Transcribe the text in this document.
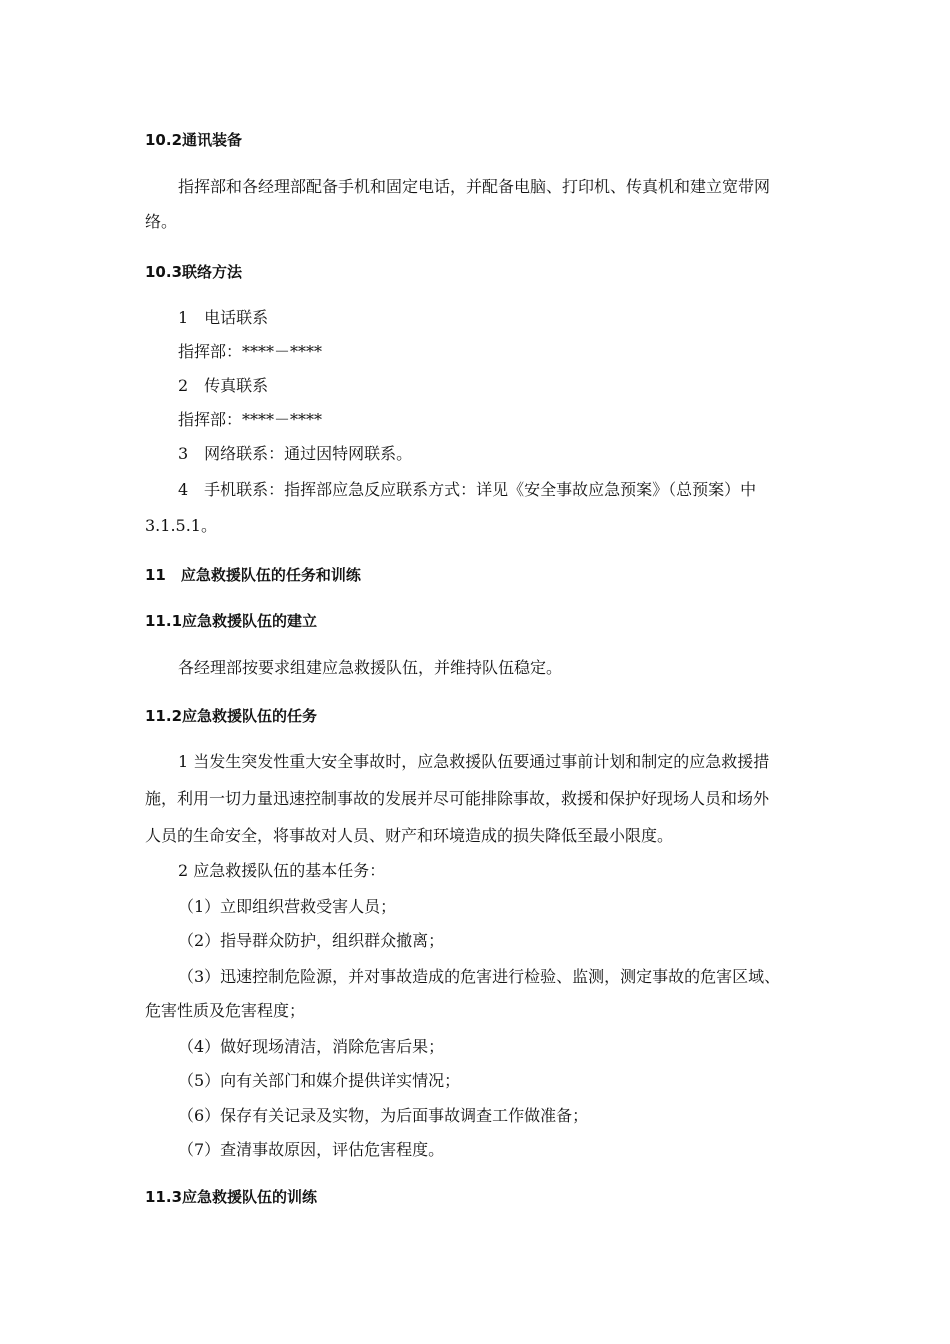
10.2通讯装备
指挥部和各经理部配备手机和固定电话，并配备电脑、打印机、传真机和建立宽带网
络。
10.3联络方法
1　电话联系
指挥部：****－****
2　传真联系
指挥部：****－****
3　网络联系：通过因特网联系。
4　手机联系：指挥部应急反应联系方式：详见《安全事故应急预案》（总预案）中
3.1.5.1。
11　应急救援队伍的任务和训练
11.1应急救援队伍的建立
各经理部按要求组建应急救援队伍，并维持队伍稳定。
11.2应急救援队伍的任务
1 当发生突发性重大安全事故时，应急救援队伍要通过事前计划和制定的应急救援措
施，利用一切力量迅速控制事故的发展并尽可能排除事故，救援和保护好现场人员和场外
人员的生命安全，将事故对人员、财产和环境造成的损失降低至最小限度。
2 应急救援队伍的基本任务：
（1）立即组织营救受害人员；
（2）指导群众防护，组织群众撤离；
（3）迅速控制危险源，并对事故造成的危害进行检验、监测，测定事故的危害区域、
危害性质及危害程度；
（4）做好现场清洁，消除危害后果；
（5）向有关部门和媒介提供详实情况；
（6）保存有关记录及实物，为后面事故调查工作做准备；
（7）查清事故原因，评估危害程度。
11.3应急救援队伍的训练
